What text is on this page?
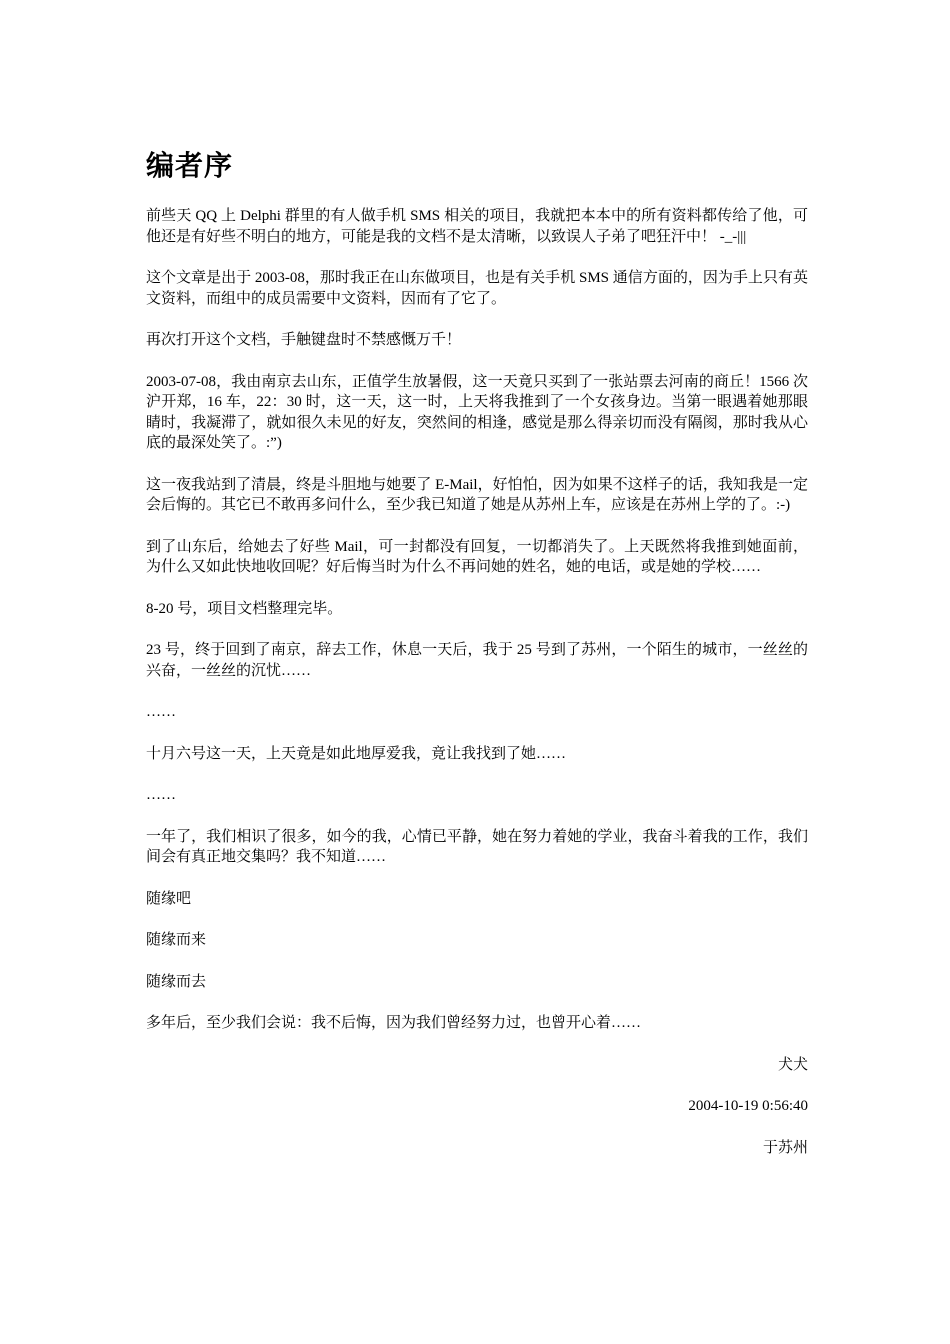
编者序

前些天 QQ 上 Delphi 群里的有人做手机 SMS 相关的项目，我就把本本中的所有资料都传给了他，可他还是有好些不明白的地方，可能是我的文档不是太清晰，以致误人子弟了吧狂汗中！ -_-|||

这个文章是出于 2003-08，那时我正在山东做项目，也是有关手机 SMS 通信方面的，因为手上只有英文资料，而组中的成员需要中文资料，因而有了它了。

再次打开这个文档，手触键盘时不禁感慨万千！

2003-07-08，我由南京去山东，正值学生放暑假，这一天竟只买到了一张站票去河南的商丘！1566 次沪开郑，16 车，22：30 时，这一天，这一时，上天将我推到了一个女孩身边。当第一眼遇着她那眼睛时，我凝滞了，就如很久未见的好友，突然间的相逢，感觉是那么得亲切而没有隔阂，那时我从心底的最深处笑了。:”)

这一夜我站到了清晨，终是斗胆地与她要了 E-Mail，好怕怕，因为如果不这样子的话，我知我是一定会后悔的。其它已不敢再多问什么，至少我已知道了她是从苏州上车，应该是在苏州上学的了。:-)

到了山东后，给她去了好些 Mail，可一封都没有回复，一切都消失了。上天既然将我推到她面前，为什么又如此快地收回呢？好后悔当时为什么不再问她的姓名，她的电话，或是她的学校……

8-20 号，项目文档整理完毕。

23 号，终于回到了南京，辞去工作，休息一天后，我于 25 号到了苏州，一个陌生的城市，一丝丝的兴奋，一丝丝的沉忧……

……

十月六号这一天，上天竟是如此地厚爱我，竟让我找到了她……

……

一年了，我们相识了很多，如今的我，心情已平静，她在努力着她的学业，我奋斗着我的工作，我们间会有真正地交集吗？我不知道……

随缘吧

随缘而来

随缘而去

多年后，至少我们会说：我不后悔，因为我们曾经努力过，也曾开心着……

犬犬
2004-10-19 0:56:40
于苏州
